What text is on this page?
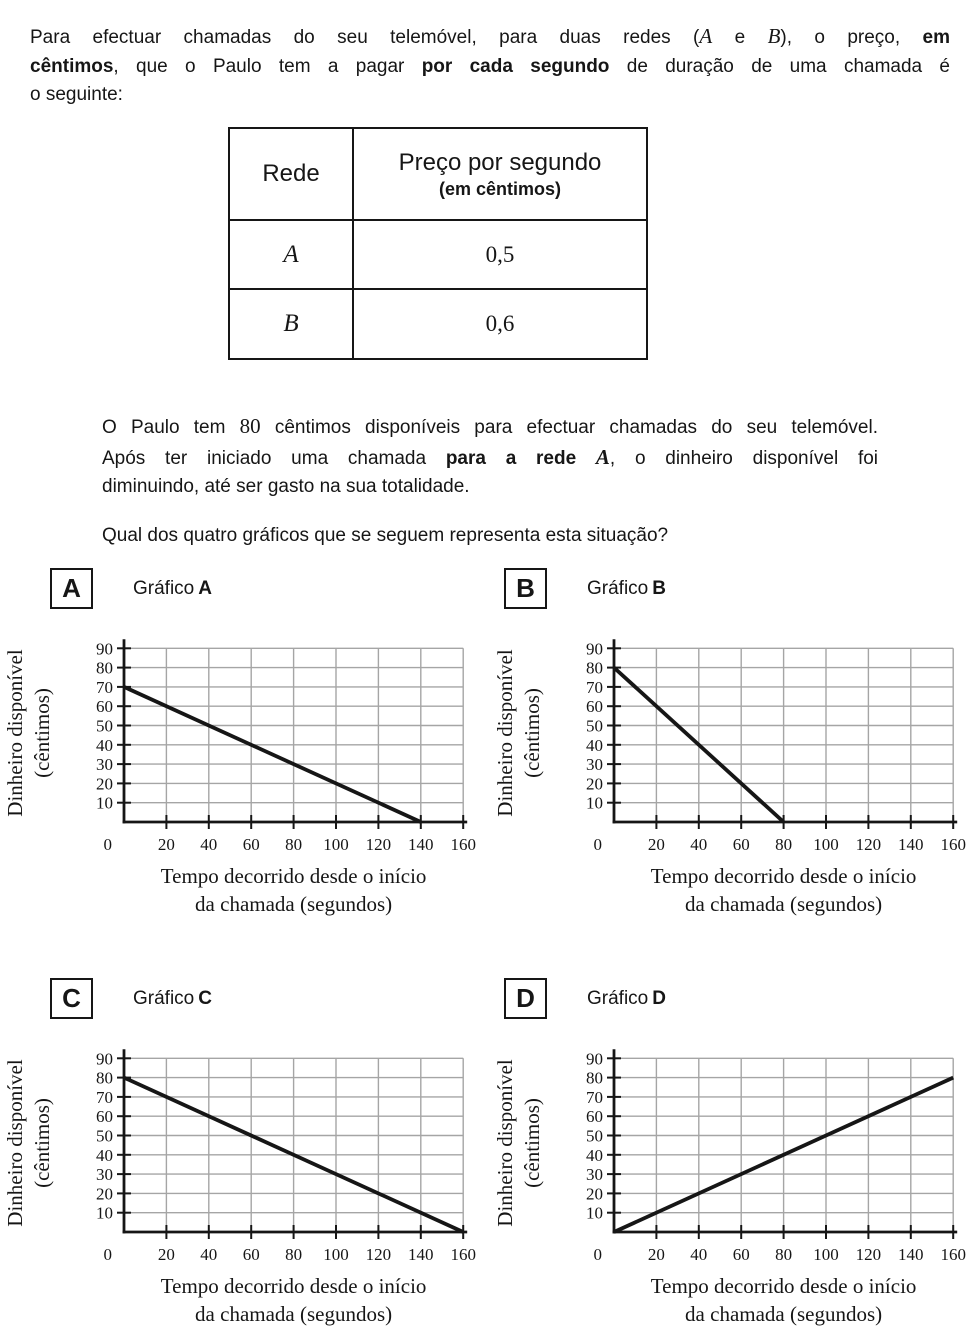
Para efectuar chamadas do seu telemóvel, para duas redes (A e B), o preço, em
cêntimos, que o Paulo tem a pagar por cada segundo de duração de uma chamada é
o seguinte:
Rede	Preço por segundo
(em cêntimos)

A	0,5
B	0,6
O Paulo tem 80 cêntimos disponíveis para efectuar chamadas do seu telemóvel.
Após ter iniciado uma chamada para a rede A, o dinheiro disponível foi
diminuindo, até ser gasto na sua totalidade.
Qual dos quatro gráficos que se seguem representa esta situação?
A	Gráfico A
10
20
30
40
50
60
70
80
90
20 40 60 80 100 120 140 160
0
Dinheiro disponível (cêntimos)
Tempo decorrido desde o início
da chamada (segundos)
B	Gráfico B
10
20
30
40
50
60
70
80
90
20 40 60 80 100 120 140 160
0
Dinheiro disponível (cêntimos)
Tempo decorrido desde o início
da chamada (segundos)
C	Gráfico C
10
20
30
40
50
60
70
80
90
20 40 60 80 100 120 140 160
0
Dinheiro disponível (cêntimos)
Tempo decorrido desde o início
da chamada (segundos)
D	Gráfico D
10
20
30
40
50
60
70
80
90
20 40 60 80 100 120 140 160
0
Dinheiro disponível (cêntimos)
Tempo decorrido desde o início
da chamada (segundos)
